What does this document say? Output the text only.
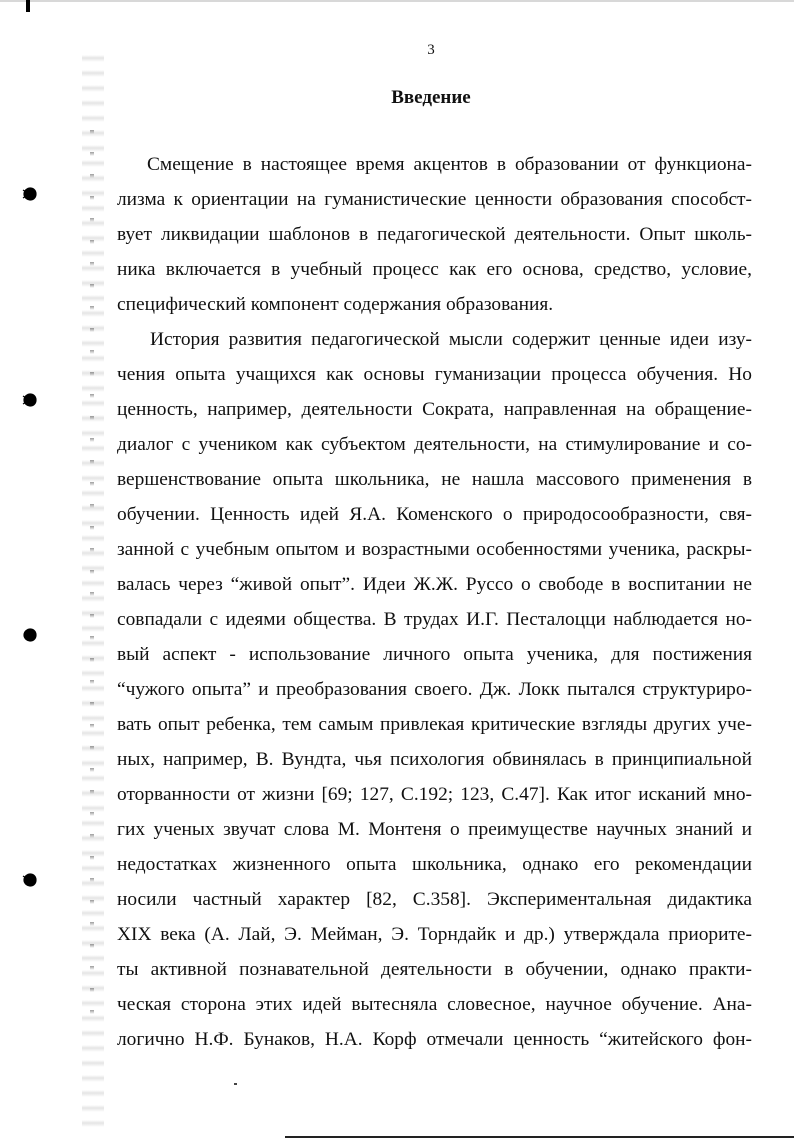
3
Введение
Смещение в настоящее время акцентов в образовании от функциона-
лизма к ориентации на гуманистические ценности образования способст-
вует ликвидации шаблонов в педагогической деятельности. Опыт школь-
ника включается в учебный процесс как его основа, средство, условие,
специфический компонент содержания образования.
История развития педагогической мысли содержит ценные идеи изу-
чения опыта учащихся как основы гуманизации процесса обучения. Но
ценность, например, деятельности Сократа, направленная на обращение-
диалог с учеником как субъектом деятельности, на стимулирование и со-
вершенствование опыта школьника, не нашла массового применения в
обучении. Ценность идей Я.А. Коменского о природосообразности, свя-
занной с учебным опытом и возрастными особенностями ученика, раскры-
валась через “живой опыт”. Идеи Ж.Ж. Руссо о свободе в воспитании не
совпадали с идеями общества. В трудах И.Г. Песталоцци наблюдается но-
вый аспект - использование личного опыта ученика, для постижения
“чужого опыта” и преобразования своего. Дж. Локк пытался структуриро-
вать опыт ребенка, тем самым привлекая критические взгляды других уче-
ных, например, В. Вундта, чья психология обвинялась в принципиальной
оторванности от жизни [69; 127, С.192; 123, С.47]. Как итог исканий мно-
гих ученых звучат слова М. Монтеня о преимуществе научных знаний и
недостатках жизненного опыта школьника, однако его рекомендации
носили частный характер [82, С.358]. Экспериментальная дидактика
XIX века (А. Лай, Э. Мейман, Э. Торндайк и др.) утверждала приорите-
ты активной познавательной деятельности в обучении, однако практи-
ческая сторона этих идей вытесняла словесное, научное обучение. Ана-
логично Н.Ф. Бунаков, Н.А. Корф отмечали ценность “житейского фон-
